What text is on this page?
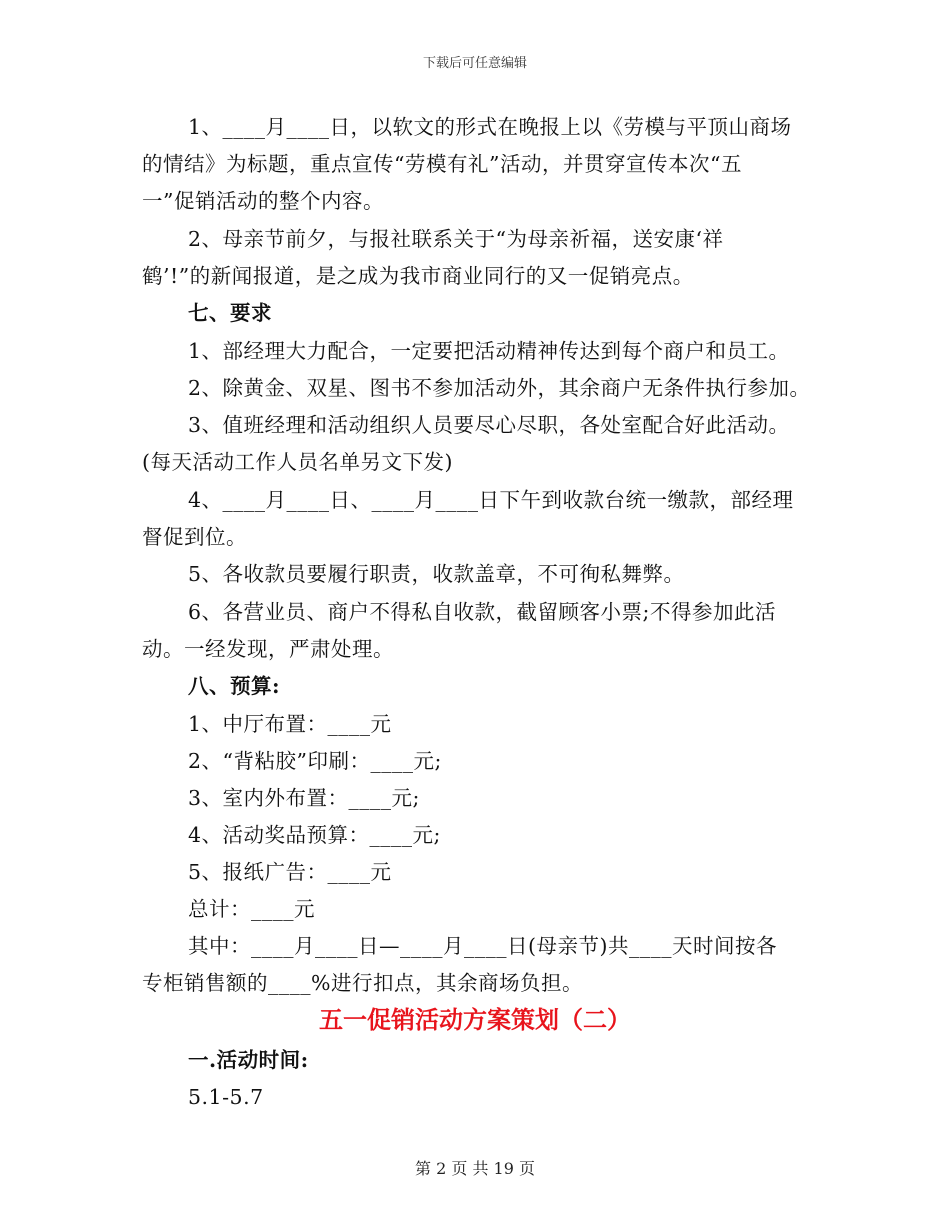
下载后可任意编辑
1、____月____日，以软文的形式在晚报上以《劳模与平顶山商场
的情结》为标题，重点宣传“劳模有礼”活动，并贯穿宣传本次“五
一”促销活动的整个内容。
2、母亲节前夕，与报社联系关于“为母亲祈福，送安康‘祥
鹤’!”的新闻报道，是之成为我市商业同行的又一促销亮点。
七、要求
1、部经理大力配合，一定要把活动精神传达到每个商户和员工。
2、除黄金、双星、图书不参加活动外，其余商户无条件执行参加。
3、值班经理和活动组织人员要尽心尽职，各处室配合好此活动。
(每天活动工作人员名单另文下发)
4、____月____日、____月____日下午到收款台统一缴款，部经理
督促到位。
5、各收款员要履行职责，收款盖章，不可徇私舞弊。
6、各营业员、商户不得私自收款，截留顾客小票;不得参加此活
动。一经发现，严肃处理。
八、预算:
1、中厅布置：____元
2、“背粘胶”印刷：____元;
3、室内外布置：____元;
4、活动奖品预算：____元;
5、报纸广告：____元
总计：____元
其中：____月____日—____月____日(母亲节)共____天时间按各
专柜销售额的____%进行扣点，其余商场负担。
五一促销活动方案策划（二）
一.活动时间:
5.1-5.7
第 2 页 共 19 页
